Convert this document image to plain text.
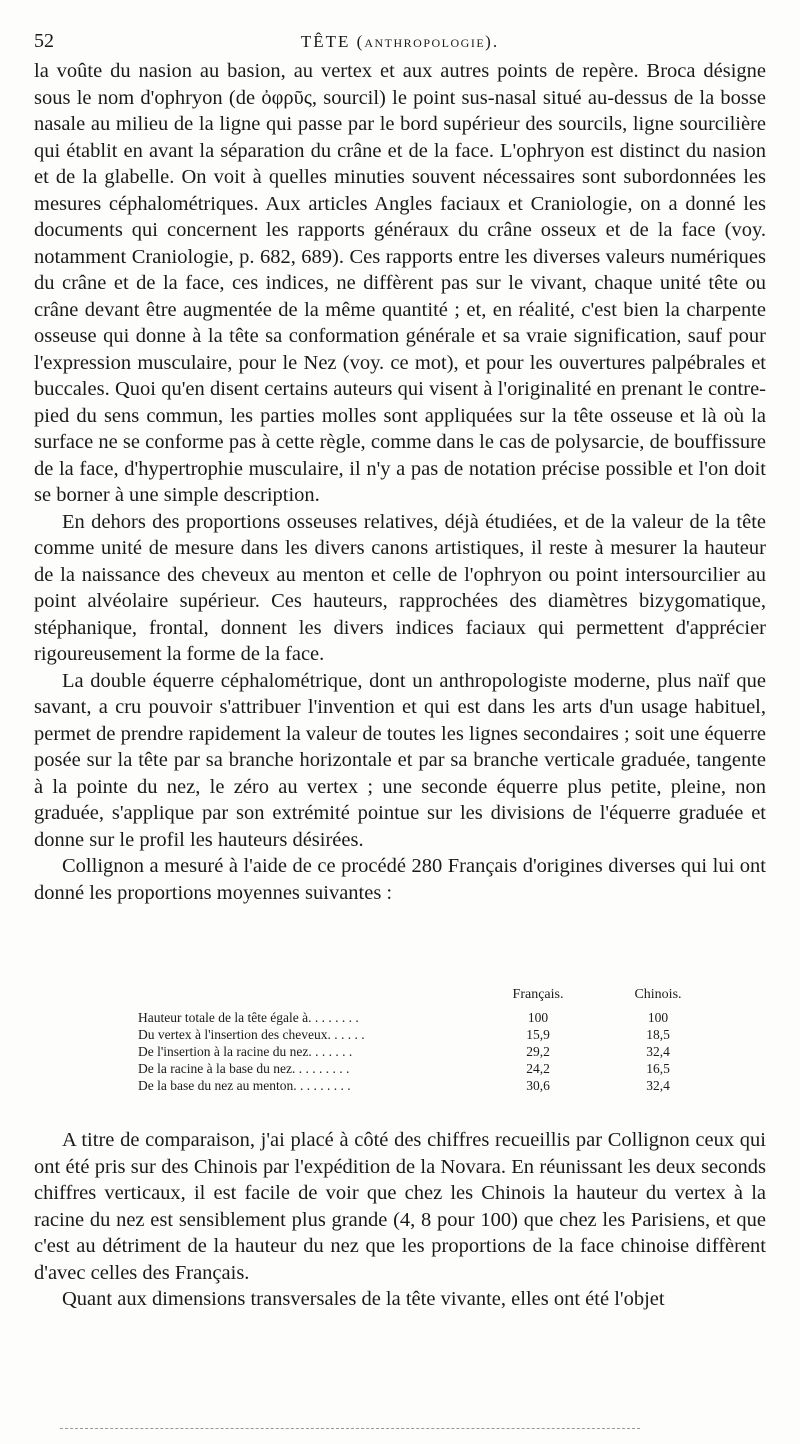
52	TÊTE (ANTHROPOLOGIE).

la voûte du nasion au basion, au vertex et aux autres points de repère. Broca désigne sous le nom d'ophryon (de ὀφρῦς, sourcil) le point sus-nasal situé au-dessus de la bosse nasale au milieu de la ligne qui passe par le bord supérieur des sourcils, ligne sourcilière qui établit en avant la séparation du crâne et de la face. L'ophryon est distinct du nasion et de la glabelle. On voit à quelles minuties souvent nécessaires sont subordonnées les mesures céphalométriques. Aux articles Angles faciaux et Craniologie, on a donné les documents qui concernent les rapports généraux du crâne osseux et de la face (voy. notamment Craniologie, p. 682, 689). Ces rapports entre les diverses valeurs numériques du crâne et de la face, ces indices, ne diffèrent pas sur le vivant, chaque unité tête ou crâne devant être augmentée de la même quantité ; et, en réalité, c'est bien la charpente osseuse qui donne à la tête sa conformation générale et sa vraie signification, sauf pour l'expression musculaire, pour le Nez (voy. ce mot), et pour les ouvertures palpébrales et buccales. Quoi qu'en disent certains auteurs qui visent à l'originalité en prenant le contre-pied du sens commun, les parties molles sont appliquées sur la tête osseuse et là où la surface ne se conforme pas à cette règle, comme dans le cas de polysarcie, de bouffissure de la face, d'hypertrophie musculaire, il n'y a pas de notation précise possible et l'on doit se borner à une simple description.

En dehors des proportions osseuses relatives, déjà étudiées, et de la valeur de la tête comme unité de mesure dans les divers canons artistiques, il reste à mesurer la hauteur de la naissance des cheveux au menton et celle de l'ophryon ou point intersourcilier au point alvéolaire supérieur. Ces hauteurs, rapprochées des diamètres bizygomatique, stéphanique, frontal, donnent les divers indices faciaux qui permettent d'apprécier rigoureusement la forme de la face.

La double équerre céphalométrique, dont un anthropologiste moderne, plus naïf que savant, a cru pouvoir s'attribuer l'invention et qui est dans les arts d'un usage habituel, permet de prendre rapidement la valeur de toutes les lignes secondaires ; soit une équerre posée sur la tête par sa branche horizontale et par sa branche verticale graduée, tangente à la pointe du nez, le zéro au vertex ; une seconde équerre plus petite, pleine, non graduée, s'applique par son extrémité pointue sur les divisions de l'équerre graduée et donne sur le profil les hauteurs désirées.

Collignon a mesuré à l'aide de ce procédé 280 Français d'origines diverses qui lui ont donné les proportions moyennes suivantes :

	Français.	Chinois.
Hauteur totale de la tête égale à. . . . . . . .	100	100
Du vertex à l'insertion des cheveux. . . . . .	15,9	18,5
De l'insertion à la racine du nez. . . . . . .	29,2	32,4
De la racine à la base du nez. . . . . . . . .	24,2	16,5
De la base du nez au menton. . . . . . . . .	30,6	32,4

A titre de comparaison, j'ai placé à côté des chiffres recueillis par Collignon ceux qui ont été pris sur des Chinois par l'expédition de la Novara. En réunissant les deux seconds chiffres verticaux, il est facile de voir que chez les Chinois la hauteur du vertex à la racine du nez est sensiblement plus grande (4, 8 pour 100) que chez les Parisiens, et que c'est au détriment de la hauteur du nez que les proportions de la face chinoise diffèrent d'avec celles des Français.

Quant aux dimensions transversales de la tête vivante, elles ont été l'objet
